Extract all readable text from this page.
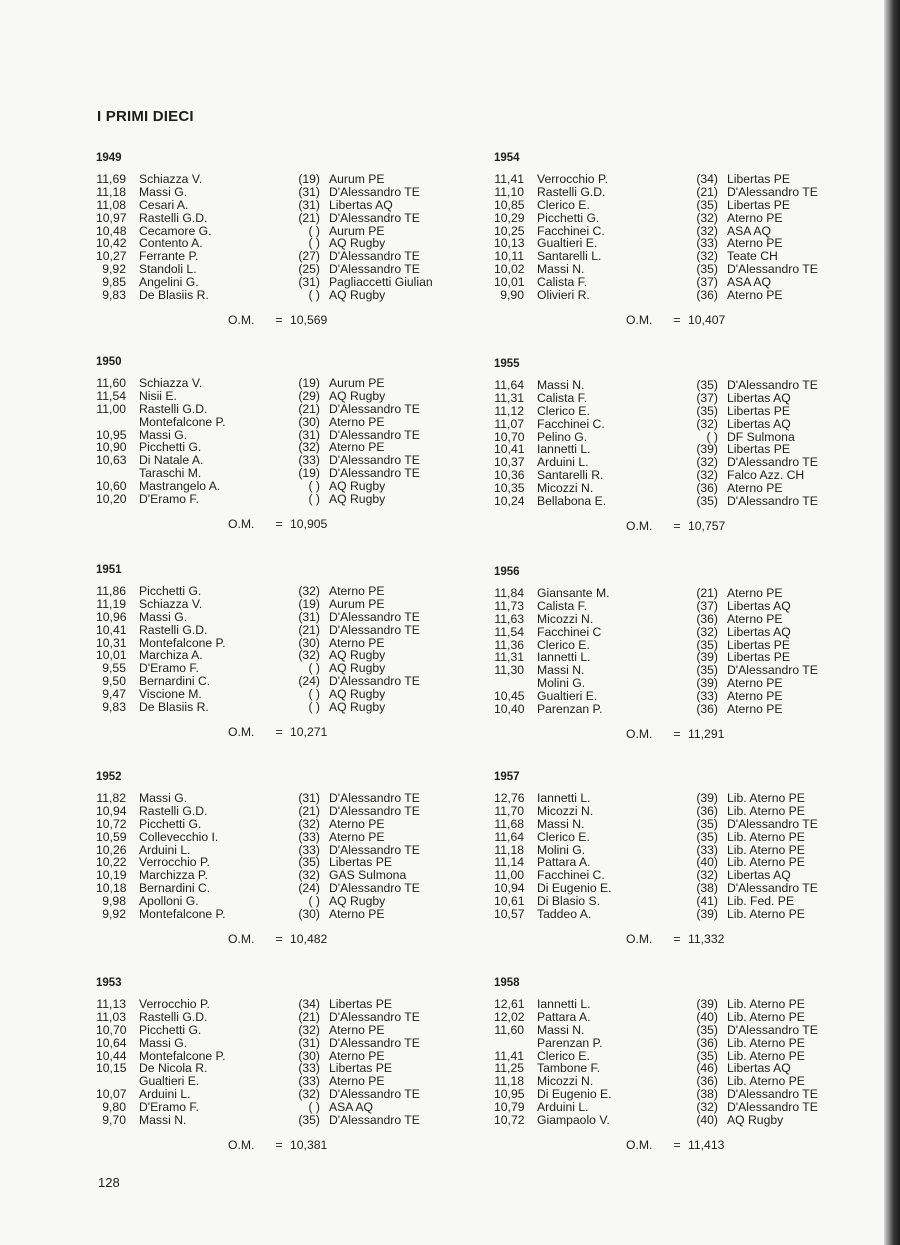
I PRIMI DIECI
1949
11,69 Schiazza V.	(19) Aurum PE
11,18 Massi G.	(31) D'Alessandro TE
11,08 Cesari A.	(31) Libertas AQ
10,97 Rastelli G.D.	(21) D'Alessandro TE
10,48 Cecamore G.	( ) Aurum PE
10,42 Contento A.	( ) AQ Rugby
10,27 Ferrante P.	(27) D'Alessandro TE
9,92 Standoli L.	(25) D'Alessandro TE
9,85 Angelini G.	(31) Pagliaccetti Giulian
9,83 De Blasiis R.	( ) AQ Rugby
O.M. = 10,569
1954
11,41 Verrocchio P.	(34) Libertas PE
11,10 Rastelli G.D.	(21) D'Alessandro TE
10,85 Clerico E.	(35) Libertas PE
10,29 Picchetti G.	(32) Aterno PE
10,25 Facchinei C.	(32) ASA AQ
10,13 Gualtieri E.	(33) Aterno PE
10,11 Santarelli L.	(32) Teate CH
10,02 Massi N.	(35) D'Alessandro TE
10,01 Calista F.	(37) ASA AQ
9,90 Olivieri R.	(36) Aterno PE
O.M. = 10,407
1950
11,60 Schiazza V.	(19) Aurum PE
11,54 Nisii E.	(29) AQ Rugby
11,00 Rastelli G.D.	(21) D'Alessandro TE
Montefalcone P.	(30) Aterno PE
10,95 Massi G.	(31) D'Alessandro TE
10,90 Picchetti G.	(32) Aterno PE
10,63 Di Natale A.	(33) D'Alessandro TE
Taraschi M.	(19) D'Alessandro TE
10,60 Mastrangelo A.	( ) AQ Rugby
10,20 D'Eramo F.	( ) AQ Rugby
O.M. = 10,905
1955
11,64 Massi N.	(35) D'Alessandro TE
11,31 Calista F.	(37) Libertas AQ
11,12 Clerico E.	(35) Libertas PE
11,07 Facchinei C.	(32) Libertas AQ
10,70 Pelino G.	( ) DF Sulmona
10,41 Iannetti L.	(39) Libertas PE
10,37 Arduini L.	(32) D'Alessandro TE
10,36 Santarelli R.	(32) Falco Azz. CH
10,35 Micozzi N.	(36) Aterno PE
10,24 Bellabona E.	(35) D'Alessandro TE
O.M. = 10,757
1951
11,86 Picchetti G.	(32) Aterno PE
11,19 Schiazza V.	(19) Aurum PE
10,96 Massi G.	(31) D'Alessandro TE
10,41 Rastelli G.D.	(21) D'Alessandro TE
10,31 Montefalcone P.	(30) Aterno PE
10,01 Marchiza A.	(32) AQ Rugby
9,55 D'Eramo F.	( ) AQ Rugby
9,50 Bernardini C.	(24) D'Alessandro TE
9,47 Viscione M.	( ) AQ Rugby
9,83 De Blasiis R.	( ) AQ Rugby
O.M. = 10,271
1956
11,84 Giansante M.	(21) Aterno PE
11,73 Calista F.	(37) Libertas AQ
11,63 Micozzi N.	(36) Aterno PE
11,54 Facchinei C	(32) Libertas AQ
11,36 Clerico E.	(35) Libertas PE
11,31 Iannetti L.	(39) Libertas PE
11,30 Massi N.	(35) D'Alessandro TE
Molini G.	(39) Aterno PE
10,45 Gualtieri E.	(33) Aterno PE
10,40 Parenzan P.	(36) Aterno PE
O.M. = 11,291
1952
11,82 Massi G.	(31) D'Alessandro TE
10,94 Rastelli G.D.	(21) D'Alessandro TE
10,72 Picchetti G.	(32) Aterno PE
10,59 Collevecchio I.	(33) Aterno PE
10,26 Arduini L.	(33) D'Alessandro TE
10,22 Verrocchio P.	(35) Libertas PE
10,19 Marchizza P.	(32) GAS Sulmona
10,18 Bernardini C.	(24) D'Alessandro TE
9,98 Apolloni G.	( ) AQ Rugby
9,92 Montefalcone P.	(30) Aterno PE
O.M. = 10,482
1957
12,76 Iannetti L.	(39) Lib. Aterno PE
11,70 Micozzi N.	(36) Lib. Aterno PE
11,68 Massi N.	(35) D'Alessandro TE
11,64 Clerico E.	(35) Lib. Aterno PE
11,18 Molini G.	(33) Lib. Aterno PE
11,14 Pattara A.	(40) Lib. Aterno PE
11,00 Facchinei C.	(32) Libertas AQ
10,94 Di Eugenio E.	(38) D'Alessandro TE
10,61 Di Blasio S.	(41) Lib. Fed. PE
10,57 Taddeo A.	(39) Lib. Aterno PE
O.M. = 11,332
1953
11,13 Verrocchio P.	(34) Libertas PE
11,03 Rastelli G.D.	(21) D'Alessandro TE
10,70 Picchetti G.	(32) Aterno PE
10,64 Massi G.	(31) D'Alessandro TE
10,44 Montefalcone P.	(30) Aterno PE
10,15 De Nicola R.	(33) Libertas PE
Gualtieri E.	(33) Aterno PE
10,07 Arduini L.	(32) D'Alessandro TE
9,80 D'Eramo F.	( ) ASA AQ
9,70 Massi N.	(35) D'Alessandro TE
O.M. = 10,381
1958
12,61 Iannetti L.	(39) Lib. Aterno PE
12,02 Pattara A.	(40) Lib. Aterno PE
11,60 Massi N.	(35) D'Alessandro TE
Parenzan P.	(36) Lib. Aterno PE
11,41 Clerico E.	(35) Lib. Aterno PE
11,25 Tambone F.	(46) Libertas AQ
11,18 Micozzi N.	(36) Lib. Aterno PE
10,95 Di Eugenio E.	(38) D'Alessandro TE
10,79 Arduini L.	(32) D'Alessandro TE
10,72 Giampaolo V.	(40) AQ Rugby
O.M. = 11,413
128
